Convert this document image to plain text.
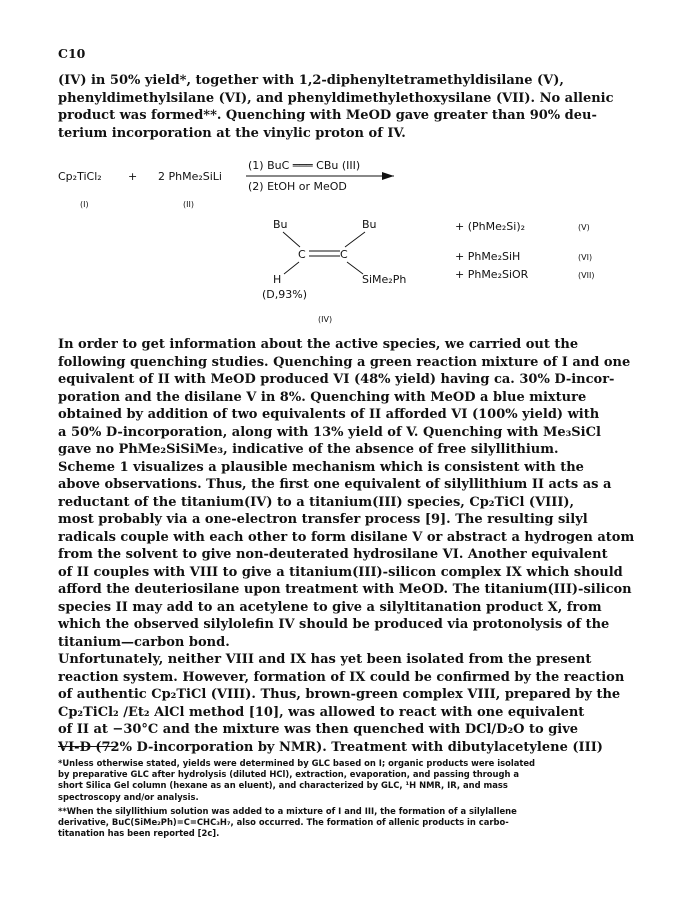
C10
(IV) in 50% yield*, together with 1,2-diphenyltetramethyldisilane (V),
phenyldimethylsilane (VI), and phenyldimethylethoxysilane (VII). No allenic
product was formed**. Quenching with MeOD gave greater than 90% deu-
terium incorporation at the vinylic proton of IV.
Cp₂TiCl₂
(I)
+ 2 PhMe₂SiLi
(II)
(1) BuC ═══ CBu (III)
(2) EtOH or MeOD
Bu	Bu
C	C
H	SiMe₂Ph
(D,93%)
(IV)
+ (PhMe₂Si)₂	(V)
+ PhMe₂SiH	(VI)
+ PhMe₂SiOR	(VII)
In order to get information about the active species, we carried out the
following quenching studies. Quenching a green reaction mixture of I and one
equivalent of II with MeOD produced VI (48% yield) having ca. 30% D-incor-
poration and the disilane V in 8%. Quenching with MeOD a blue mixture
obtained by addition of two equivalents of II afforded VI (100% yield) with
a 50% D-incorporation, along with 13% yield of V. Quenching with Me₃SiCl
gave no PhMe₂SiSiMe₃, indicative of the absence of free silyllithium.
Scheme 1 visualizes a plausible mechanism which is consistent with the
above observations. Thus, the first one equivalent of silyllithium II acts as a
reductant of the titanium(IV) to a titanium(III) species, Cp₂TiCl (VIII),
most probably via a one-electron transfer process [9]. The resulting silyl
radicals couple with each other to form disilane V or abstract a hydrogen atom
from the solvent to give non-deuterated hydrosilane VI. Another equivalent
of II couples with VIII to give a titanium(III)-silicon complex IX which should
afford the deuteriosilane upon treatment with MeOD. The titanium(III)-silicon
species II may add to an acetylene to give a silyltitanation product X, from
which the observed silylolefin IV should be produced via protonolysis of the
titanium—carbon bond.
Unfortunately, neither VIII and IX has yet been isolated from the present
reaction system. However, formation of IX could be confirmed by the reaction
of authentic Cp₂TiCl (VIII). Thus, brown-green complex VIII, prepared by the
Cp₂TiCl₂ /Et₂ AlCl method [10], was allowed to react with one equivalent
of II at −30°C and the mixture was then quenched with DCl/D₂O to give
VI-D (72% D-incorporation by NMR). Treatment with dibutylacetylene (III)
*Unless otherwise stated, yields were determined by GLC based on I; organic products were isolated
by preparative GLC after hydrolysis (diluted HCl), extraction, evaporation, and passing through a
short Silica Gel column (hexane as an eluent), and characterized by GLC, ¹H NMR, IR, and mass
spectroscopy and/or analysis.
**When the silyllithium solution was added to a mixture of I and III, the formation of a silylallene
derivative, BuC(SiMe₂Ph)=C=CHC₃H₇, also occurred. The formation of allenic products in carbo-
titanation has been reported [2c].
